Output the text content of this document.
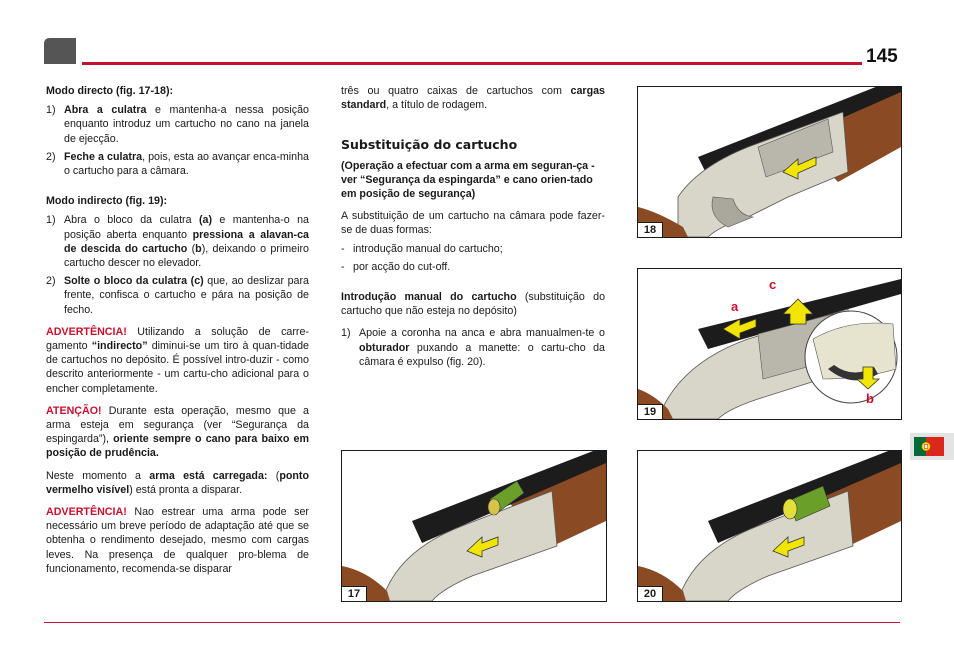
145

Modo directo (fig. 17-18):

1) Abra a culatra e mantenha-a nessa posição enquanto introduz um cartucho no cano na janela de ejecção.
2) Feche a culatra, pois, esta ao avançar enca-minha o cartucho para a câmara.

Modo indirecto (fig. 19):

1) Abra o bloco da culatra (a) e mantenha-o na posição aberta enquanto pressiona a alavan-ca de descida do cartucho (b), deixando o primeiro cartucho descer no elevador.
2) Solte o bloco da culatra (c) que, ao deslizar para frente, confisca o cartucho e pára na posição de fecho.

ADVERTÊNCIA! Utilizando a solução de carre-gamento “indirecto” diminui-se um tiro à quan-tidade de cartuchos no depósito. É possível intro-duzir - como descrito anteriormente - um cartu-cho adicional para o encher completamente.

ATENÇÃO! Durante esta operação, mesmo que a arma esteja em segurança (ver “Segurança da espingarda”), oriente sempre o cano para baixo em posição de prudência.

Neste momento a arma está carregada: (ponto vermelho visível) está pronta a disparar.

ADVERTÊNCIA! Nao estrear uma arma pode ser necessário um breve período de adaptação até que se obtenha o rendimento desejado, mesmo com cargas leves. Na presença de qualquer pro-blema de funcionamento, recomenda-se disparar

três ou quatro caixas de cartuchos com cargas standard, a título de rodagem.

Substituição do cartucho

(Operação a efectuar com a arma em seguran-ça - ver “Segurança da espingarda” e cano orien-tado em posição de segurança)

A substituição de um cartucho na câmara pode fazer-se de duas formas:

- introdução manual do cartucho;
- por acção do cut-off.

Introdução manual do cartucho (substituição do cartucho que não esteja no depósito)

1) Apoie a coronha na anca e abra manualmen-te o obturador puxando a manette: o cartu-cho da câmara é expulso (fig. 20).
18
a
c
b
19
17	20
